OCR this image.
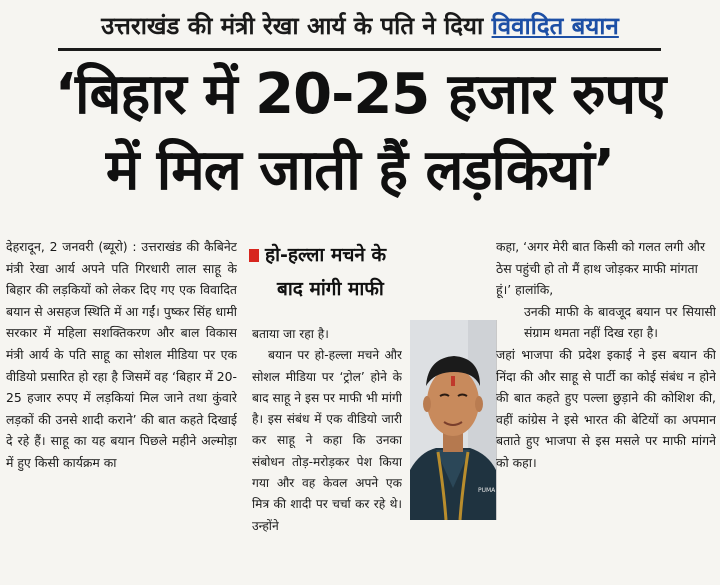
उत्तराखंड की मंत्री रेखा आर्य के पति ने दिया विवादित बयान
‘बिहार में 20-25 हजार रुपए
में मिल जाती हैं लड़कियां’
देहरादून, 2 जनवरी (ब्यूरो) : उत्तराखंड की कैबिनेट मंत्री रेखा आर्य अपने पति गिरधारी लाल साहू के बिहार की लड़कियों को लेकर दिए गए एक विवादित बयान से असहज स्थिति में आ गईं। पुष्कर सिंह धामी सरकार में महिला सशक्तिकरण और बाल विकास मंत्री आर्य के पति साहू का सोशल मीडिया पर एक वीडियो प्रसारित हो रहा है जिसमें वह ‘बिहार में 20-25 हजार रुपए में लड़कियां मिल जाने तथा कुंवारे लड़कों की उनसे शादी कराने’ की बात कहते दिखाई दे रहे हैं। साहू का यह बयान पिछले महीने अल्मोड़ा में हुए किसी कार्यक्रम का
हो-हल्ला मचने के
बाद मांगी माफी
बताया जा रहा है।
बयान पर हो-हल्ला मचने और सोशल मीडिया पर ‘ट्रोल’ होने के बाद साहू ने इस पर माफी भी मांगी है। इस संबंध में एक वीडियो जारी कर साहू ने कहा कि उनका संबोधन तोड़-मरोड़कर पेश किया गया और वह केवल अपने एक मित्र की शादी पर चर्चा कर रहे थे। उन्होंने
PUMA
कहा, ‘अगर मेरी बात किसी को गलत लगी और ठेस पहुंची हो तो मैं हाथ जोड़कर माफी मांगता हूं।’ हालांकि,
उनकी माफी के बावजूद बयान पर सियासी संग्राम थमता नहीं दिख रहा है।
जहां भाजपा की प्रदेश इकाई ने इस बयान की निंदा की और साहू से पार्टी का कोई संबंध न होने की बात कहते हुए पल्ला छुड़ाने की कोशिश की, वहीं कांग्रेस ने इसे भारत की बेटियों का अपमान बताते हुए भाजपा से इस मसले पर माफी मांगने को कहा।
